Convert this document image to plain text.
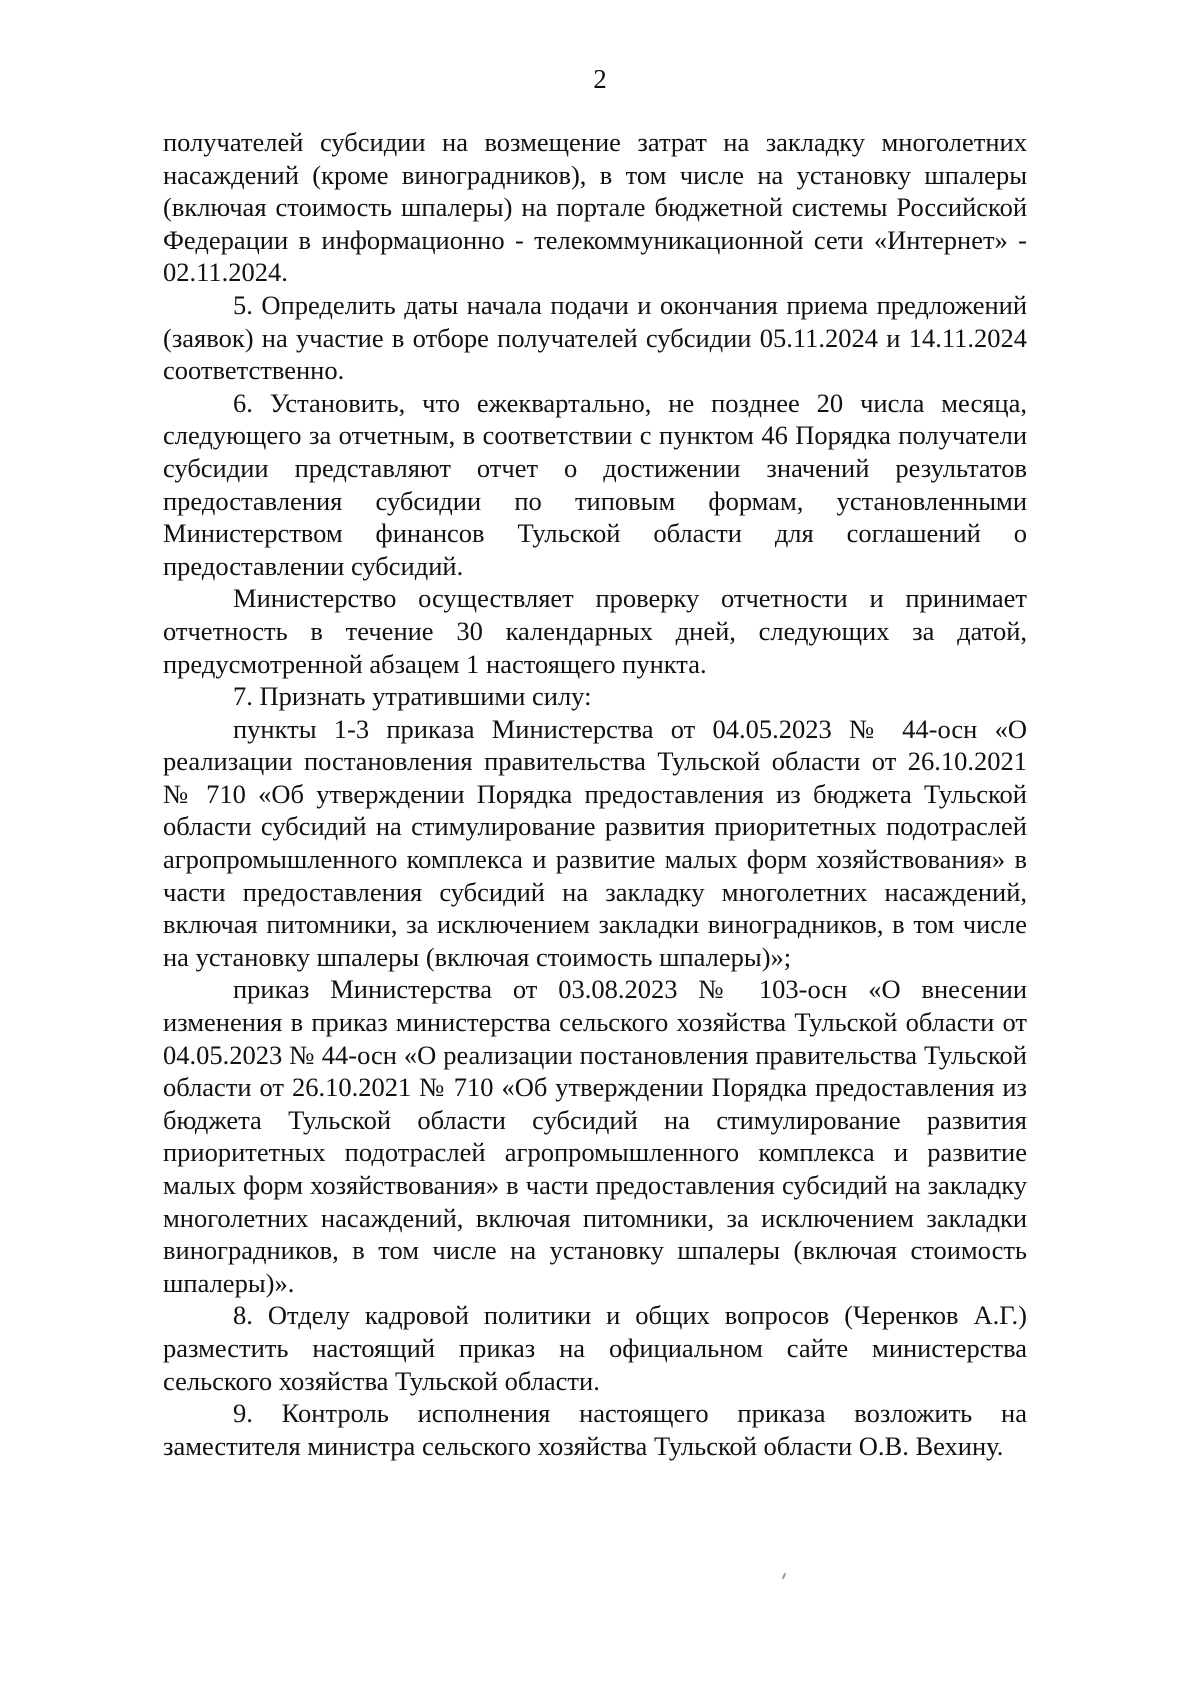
2

получателей субсидии на возмещение затрат на закладку многолетних насаждений (кроме виноградников), в том числе на установку шпалеры (включая стоимость шпалеры) на портале бюджетной системы Российской Федерации в информационно - телекоммуникационной сети «Интернет» - 02.11.2024.

5. Определить даты начала подачи и окончания приема предложений (заявок) на участие в отборе получателей субсидии 05.11.2024 и 14.11.2024 соответственно.

6. Установить, что ежеквартально, не позднее 20 числа месяца, следующего за отчетным, в соответствии с пунктом 46 Порядка получатели субсидии представляют отчет о достижении значений результатов предоставления субсидии по типовым формам, установленными Министерством финансов Тульской области для соглашений о предоставлении субсидий.

Министерство осуществляет проверку отчетности и принимает отчетность в течение 30 календарных дней, следующих за датой, предусмотренной абзацем 1 настоящего пункта.

7. Признать утратившими силу:

пункты 1-3 приказа Министерства от 04.05.2023 № 44-осн «О реализации постановления правительства Тульской области от 26.10.2021 № 710 «Об утверждении Порядка предоставления из бюджета Тульской области субсидий на стимулирование развития приоритетных подотраслей агропромышленного комплекса и развитие малых форм хозяйствования» в части предоставления субсидий на закладку многолетних насаждений, включая питомники, за исключением закладки виноградников, в том числе на установку шпалеры (включая стоимость шпалеры)»;

приказ Министерства от 03.08.2023 № 103-осн «О внесении изменения в приказ министерства сельского хозяйства Тульской области от 04.05.2023 № 44-осн «О реализации постановления правительства Тульской области от 26.10.2021 № 710 «Об утверждении Порядка предоставления из бюджета Тульской области субсидий на стимулирование развития приоритетных подотраслей агропромышленного комплекса и развитие малых форм хозяйствования» в части предоставления субсидий на закладку многолетних насаждений, включая питомники, за исключением закладки виноградников, в том числе на установку шпалеры (включая стоимость шпалеры)».

8. Отделу кадровой политики и общих вопросов (Черенков А.Г.) разместить настоящий приказ на официальном сайте министерства сельского хозяйства Тульской области.

9. Контроль исполнения настоящего приказа возложить на заместителя министра сельского хозяйства Тульской области О.В. Вехину.
